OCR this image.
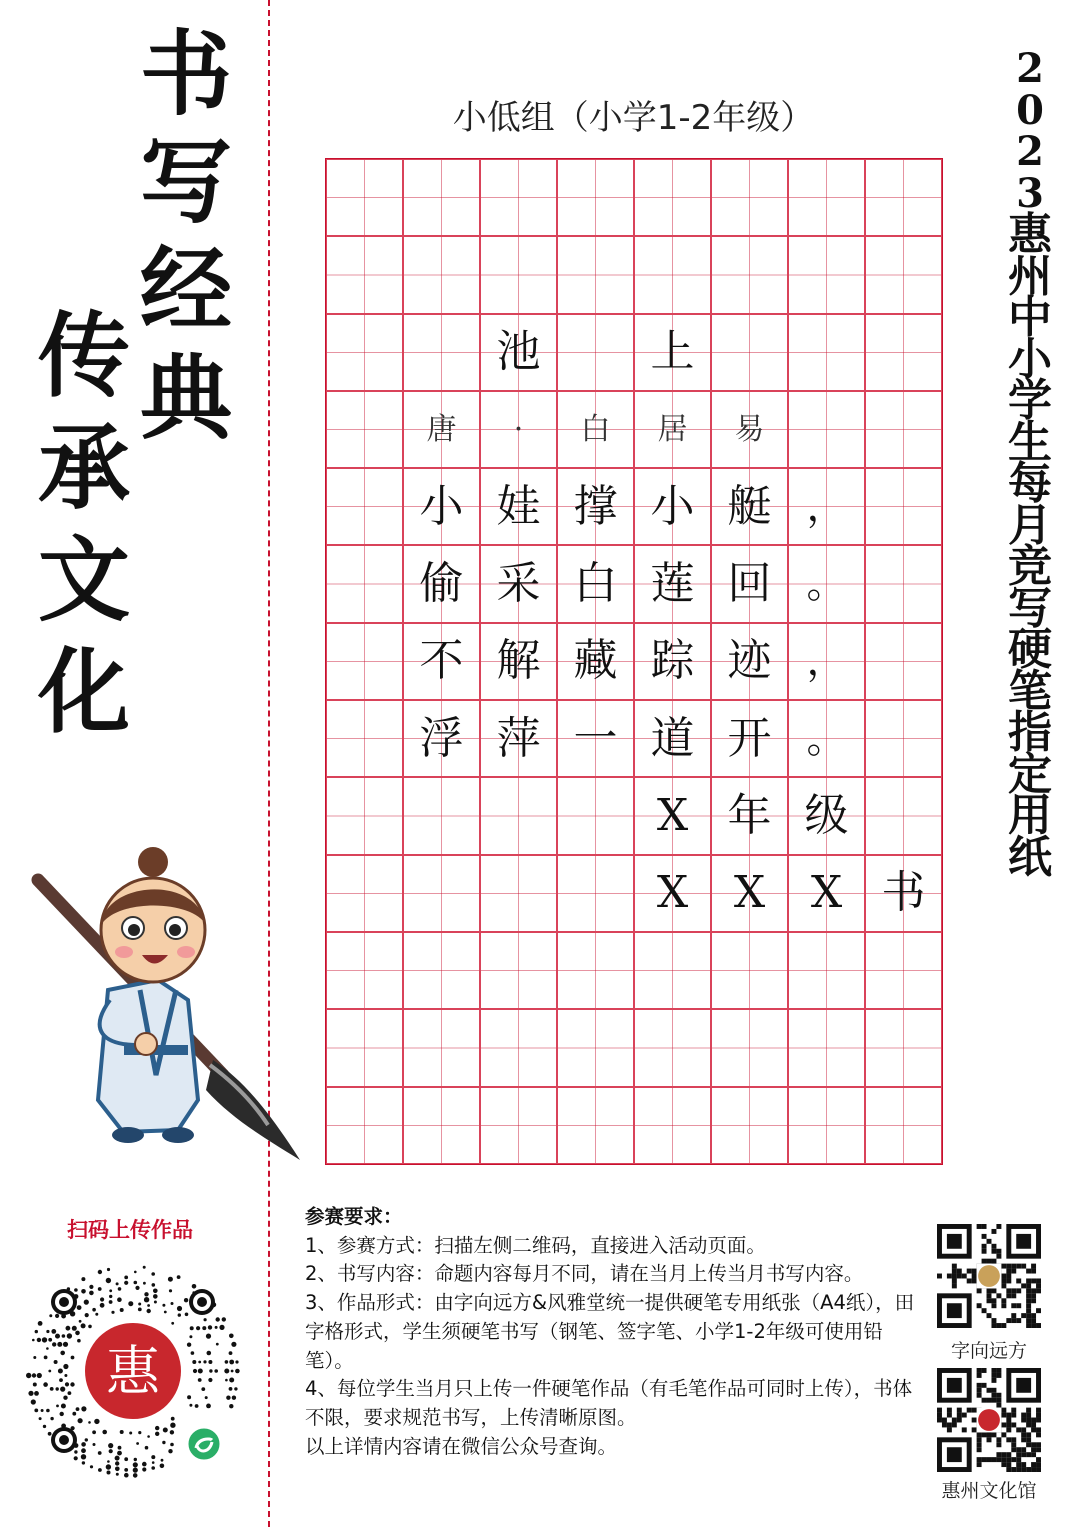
书
写
经
典
传
承
文
化
2
0
2
3
惠
州
中
小
学
生
每
月
竞
写
硬
笔
指
定
用
纸
小低组（小学1-2年级）
池	上
唐 · 白 居 易
小 娃 撑 小 艇 ，
偷 采 白 莲 回 。
不 解 藏 踪 迹 ，
浮 萍 一 道 开 。
X 年 级
X X X 书

参赛要求：

1、参赛方式：扫描左侧二维码，直接进入活动页面。

2、书写内容：命题内容每月不同，请在当月上传当月书写内容。

3、作品形式：由字向远方&风雅堂统一提供硬笔专用纸张（A4纸），田字格形式，学生须硬笔书写（钢笔、签字笔、小学1-2年级可使用铅笔）。

4、每位学生当月只上传一件硬笔作品（有毛笔作品可同时上传），书体不限，要求规范书写，上传清晰原图。

以上详情内容请在微信公众号查询。

扫码上传作品
惠	字向远方
惠州文化馆
